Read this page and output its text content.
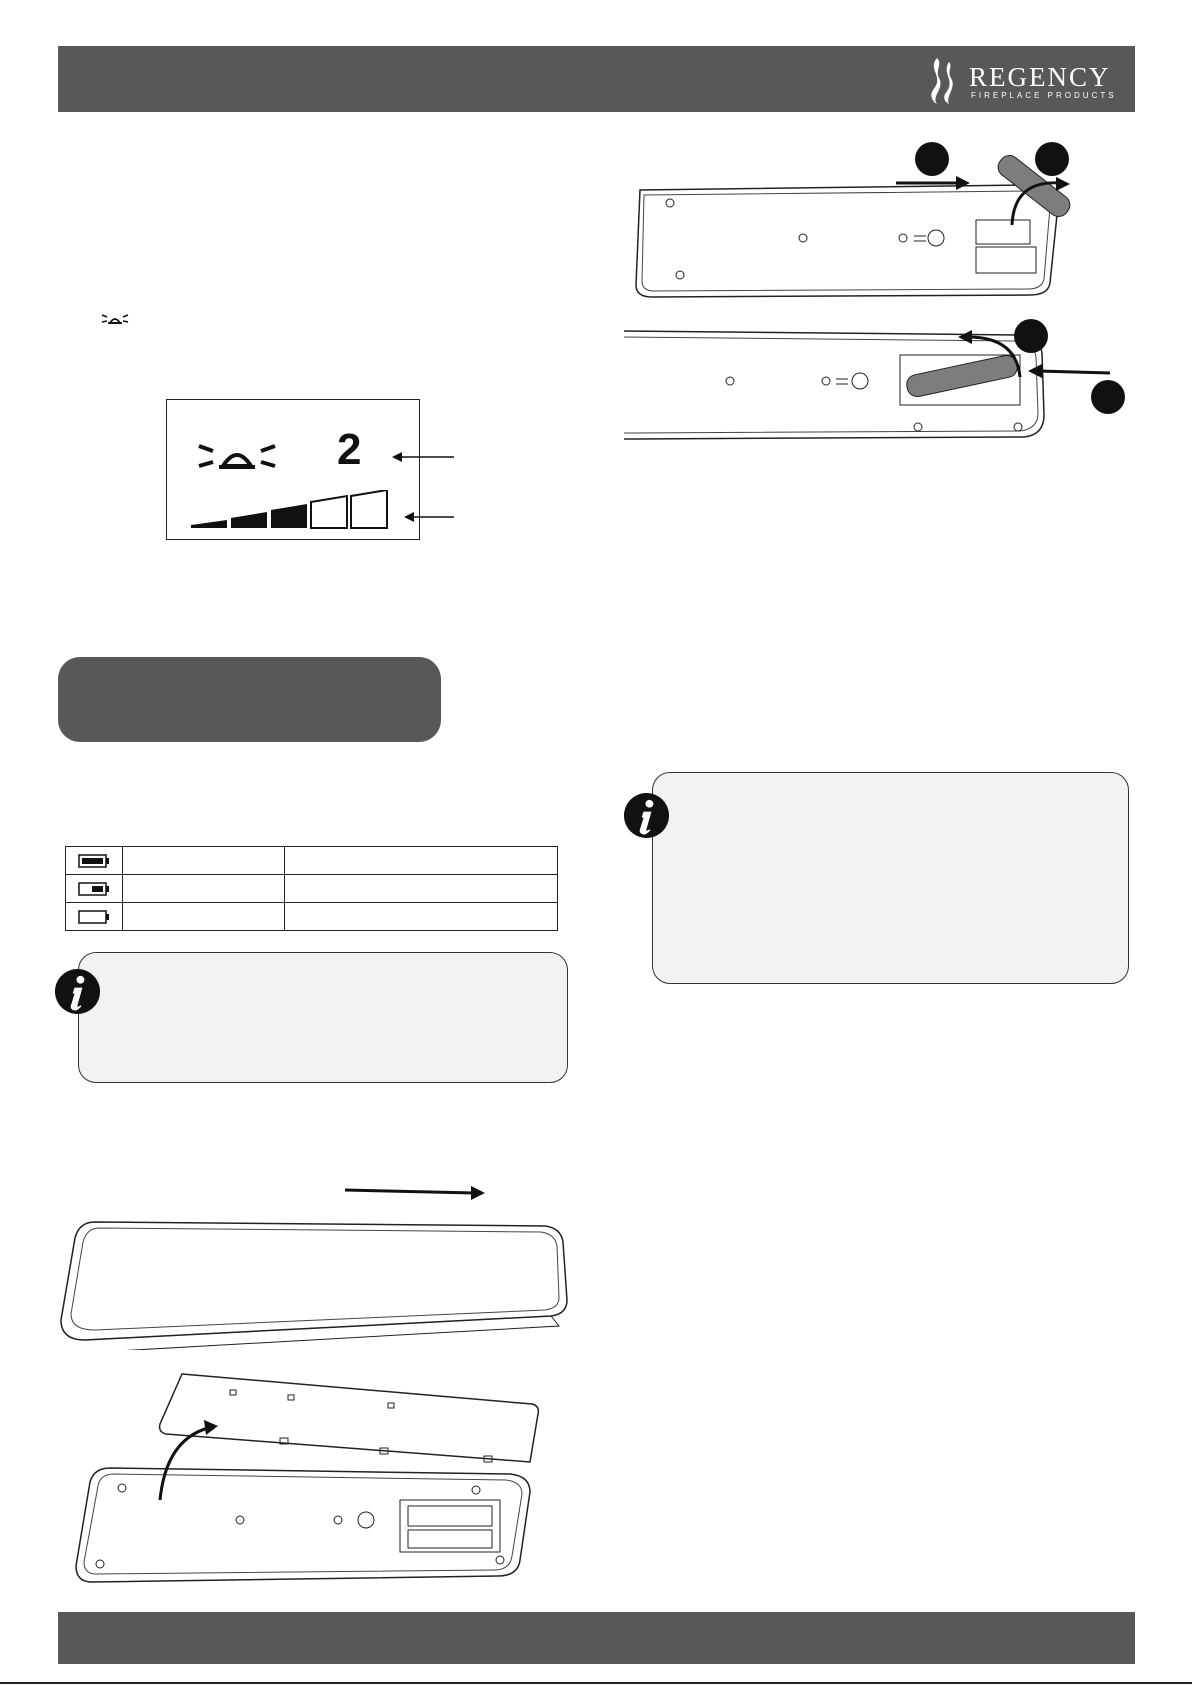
REGENCY
FIREPLACE PRODUCTS
2
